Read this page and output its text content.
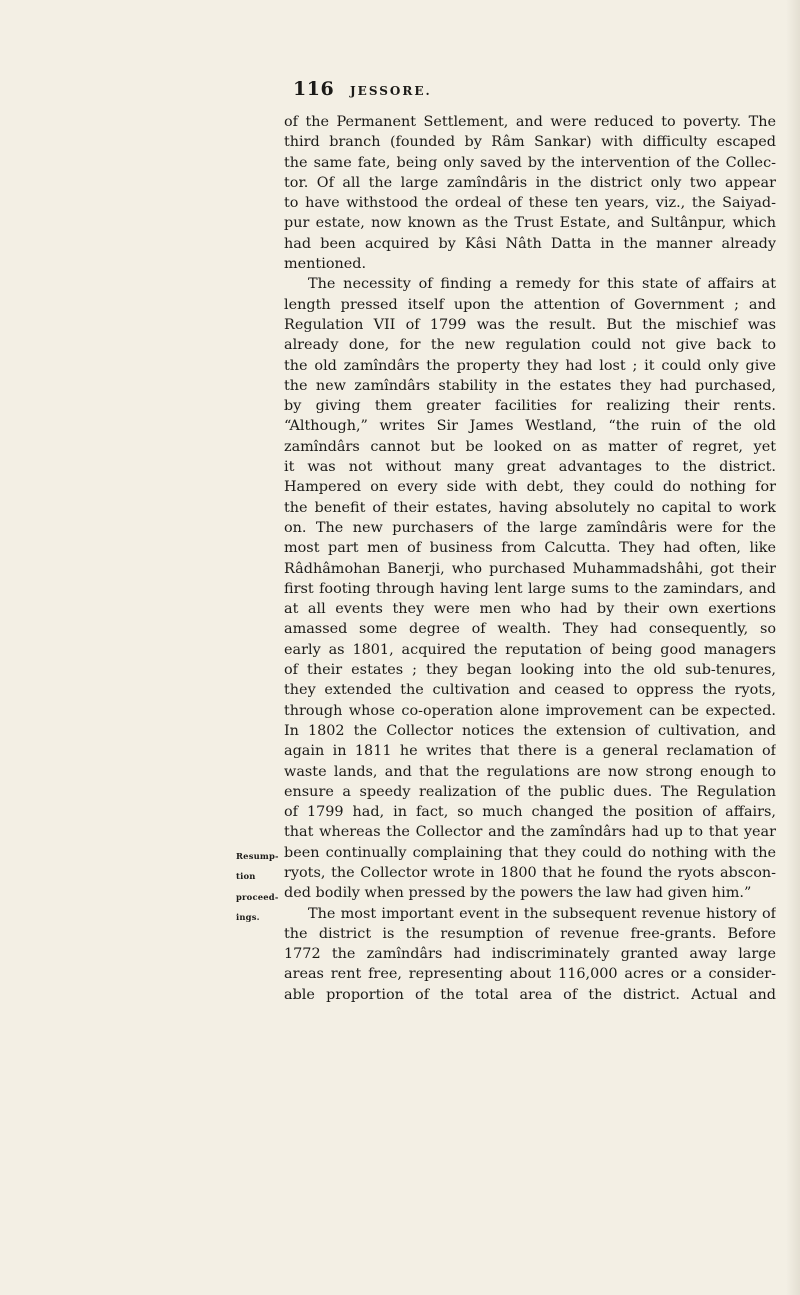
116 JESSORE.
Resump-
tion
proceed-
ings.
of the Permanent Settlement, and were reduced to poverty. The
third branch (founded by Râm Sankar) with difficulty escaped
the same fate, being only saved by the intervention of the Collec-
tor. Of all the large zamîndâris in the district only two appear
to have withstood the ordeal of these ten years, viz., the Saiyad-
pur estate, now known as the Trust Estate, and Sultânpur, which
had been acquired by Kâsi Nâth Datta in the manner already
mentioned.
The necessity of finding a remedy for this state of affairs at
length pressed itself upon the attention of Government ; and
Regulation VII of 1799 was the result. But the mischief was
already done, for the new regulation could not give back to
the old zamîndârs the property they had lost ; it could only give
the new zamîndârs stability in the estates they had purchased,
by giving them greater facilities for realizing their rents.
“Although,” writes Sir James Westland, “the ruin of the old
zamîndârs cannot but be looked on as matter of regret, yet
it was not without many great advantages to the district.
Hampered on every side with debt, they could do nothing for
the benefit of their estates, having absolutely no capital to work
on. The new purchasers of the large zamîndâris were for the
most part men of business from Calcutta. They had often, like
Râdhâmohan Banerji, who purchased Muhammadshâhi, got their
first footing through having lent large sums to the zamindars, and
at all events they were men who had by their own exertions
amassed some degree of wealth. They had consequently, so
early as 1801, acquired the reputation of being good managers
of their estates ; they began looking into the old sub-tenures,
they extended the cultivation and ceased to oppress the ryots,
through whose co-operation alone improvement can be expected.
In 1802 the Collector notices the extension of cultivation, and
again in 1811 he writes that there is a general reclamation of
waste lands, and that the regulations are now strong enough to
ensure a speedy realization of the public dues. The Regulation
of 1799 had, in fact, so much changed the position of affairs,
that whereas the Collector and the zamîndârs had up to that year
been continually complaining that they could do nothing with the
ryots, the Collector wrote in 1800 that he found the ryots abscon-
ded bodily when pressed by the powers the law had given him.”
The most important event in the subsequent revenue history of
the district is the resumption of revenue free-grants. Before
1772 the zamîndârs had indiscriminately granted away large
areas rent free, representing about 116,000 acres or a consider-
able proportion of the total area of the district. Actual and
